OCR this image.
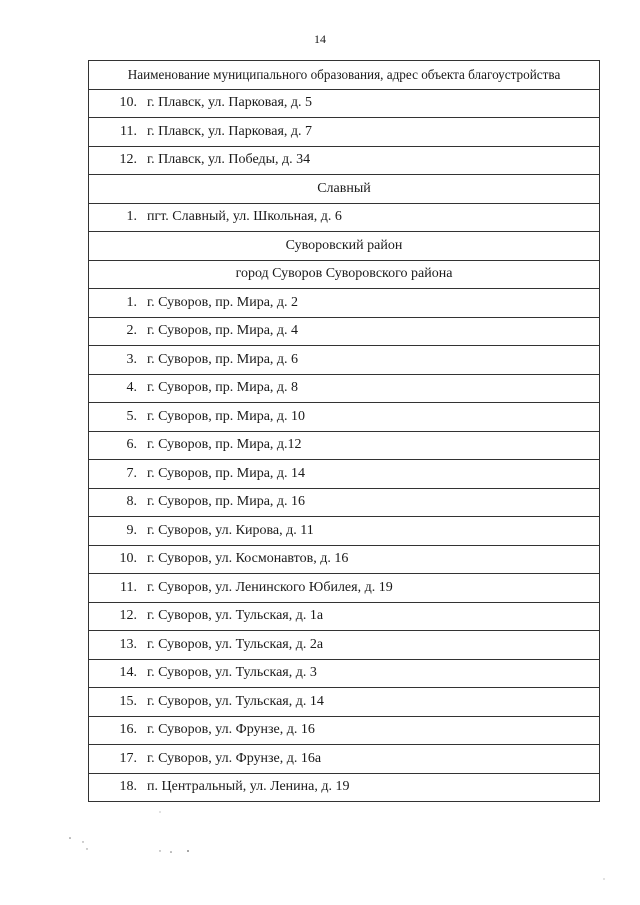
14
Наименование муниципального образования, адрес объекта благоустройства
10. г. Плавск, ул. Парковая, д. 5
11. г. Плавск, ул. Парковая, д. 7
12. г. Плавск, ул. Победы, д. 34
Славный
1. пгт. Славный, ул. Школьная, д. 6
Суворовский район
город Суворов Суворовского района
1. г. Суворов, пр. Мира, д. 2
2. г. Суворов, пр. Мира, д. 4
3. г. Суворов, пр. Мира, д. 6
4. г. Суворов, пр. Мира, д. 8
5. г. Суворов, пр. Мира, д. 10
6. г. Суворов, пр. Мира, д.12
7. г. Суворов, пр. Мира, д. 14
8. г. Суворов, пр. Мира, д. 16
9. г. Суворов, ул. Кирова, д. 11
10. г. Суворов, ул. Космонавтов, д. 16
11. г. Суворов, ул. Ленинского Юбилея, д. 19
12. г. Суворов, ул. Тульская, д. 1а
13. г. Суворов, ул. Тульская, д. 2а
14. г. Суворов, ул. Тульская, д. 3
15. г. Суворов, ул. Тульская, д. 14
16. г. Суворов, ул. Фрунзе, д. 16
17. г. Суворов, ул. Фрунзе, д. 16а
18. п. Центральный, ул. Ленина, д. 19
